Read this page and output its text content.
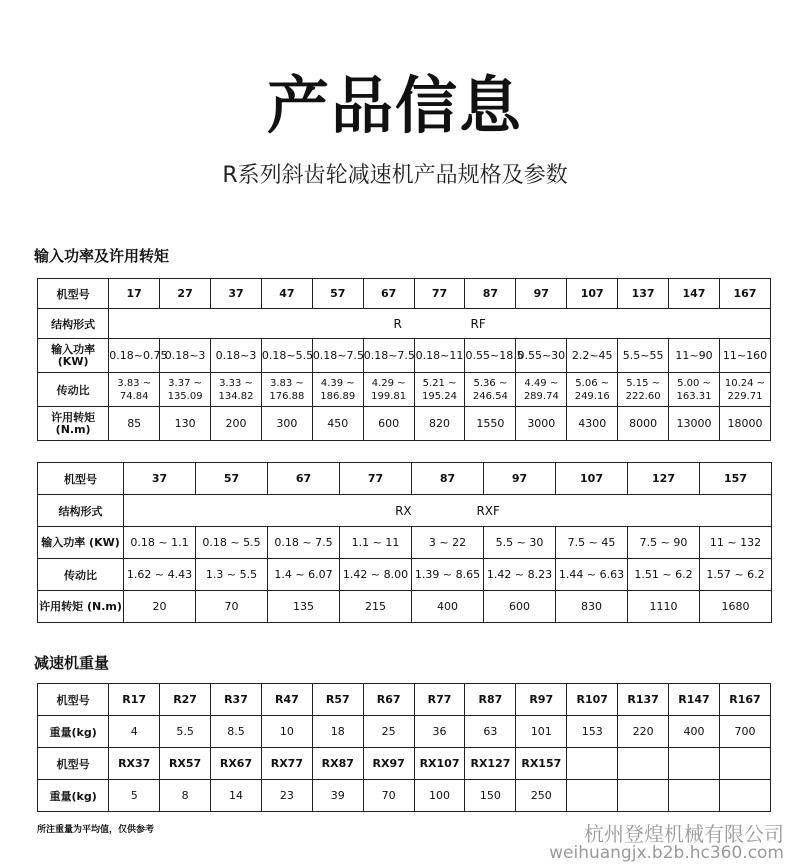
产品信息
R系列斜齿轮减速机产品规格及参数
输入功率及许用转矩
机型号	17	27	37	47	57	67	77	87	97	107	137	147	167
结构形式	R                  RF												
输入功率 (KW)	0.18~0.75	0.18~3	0.18~3	0.18~5.5	0.18~7.5	0.18~7.5	0.18~11	0.55~18.5	0.55~30	2.2~45	5.5~55	11~90	11~160
传动比	3.83 ~ 74.84	3.37 ~ 135.09	3.33 ~ 134.82	3.83 ~ 176.88	4.39 ~ 186.89	4.29 ~ 199.81	5.21 ~ 195.24	5.36 ~ 246.54	4.49 ~ 289.74	5.06 ~ 249.16	5.15 ~ 222.60	5.00 ~ 163.31	10.24 ~ 229.71
许用转矩 (N.m)	85	130	200	300	450	600	820	1550	3000	4300	8000	13000	18000
机型号	37	57	67	77	87	97	107	127	157
结构形式	RX                 RXF								
输入功率 (KW)	0.18 ~ 1.1	0.18 ~ 5.5	0.18 ~ 7.5	1.1 ~ 11	3 ~ 22	5.5 ~ 30	7.5 ~ 45	7.5 ~ 90	11 ~ 132
传动比	1.62 ~ 4.43	1.3 ~ 5.5	1.4 ~ 6.07	1.42 ~ 8.00	1.39 ~ 8.65	1.42 ~ 8.23	1.44 ~ 6.63	1.51 ~ 6.2	1.57 ~ 6.2
许用转矩 (N.m)	20	70	135	215	400	600	830	1110	1680
减速机重量
机型号	R17	R27	R37	R47	R57	R67	R77	R87	R97	R107	R137	R147	R167
重量(kg)	4	5.5	8.5	10	18	25	36	63	101	153	220	400	700
机型号	RX37	RX57	RX67	RX77	RX87	RX97	RX107	RX127	RX157				
重量(kg)	5	8	14	23	39	70	100	150	250				
所注重量为平均值，仅供参考	杭州登煌机械有限公司
weihuangjx.b2b.hc360.com
